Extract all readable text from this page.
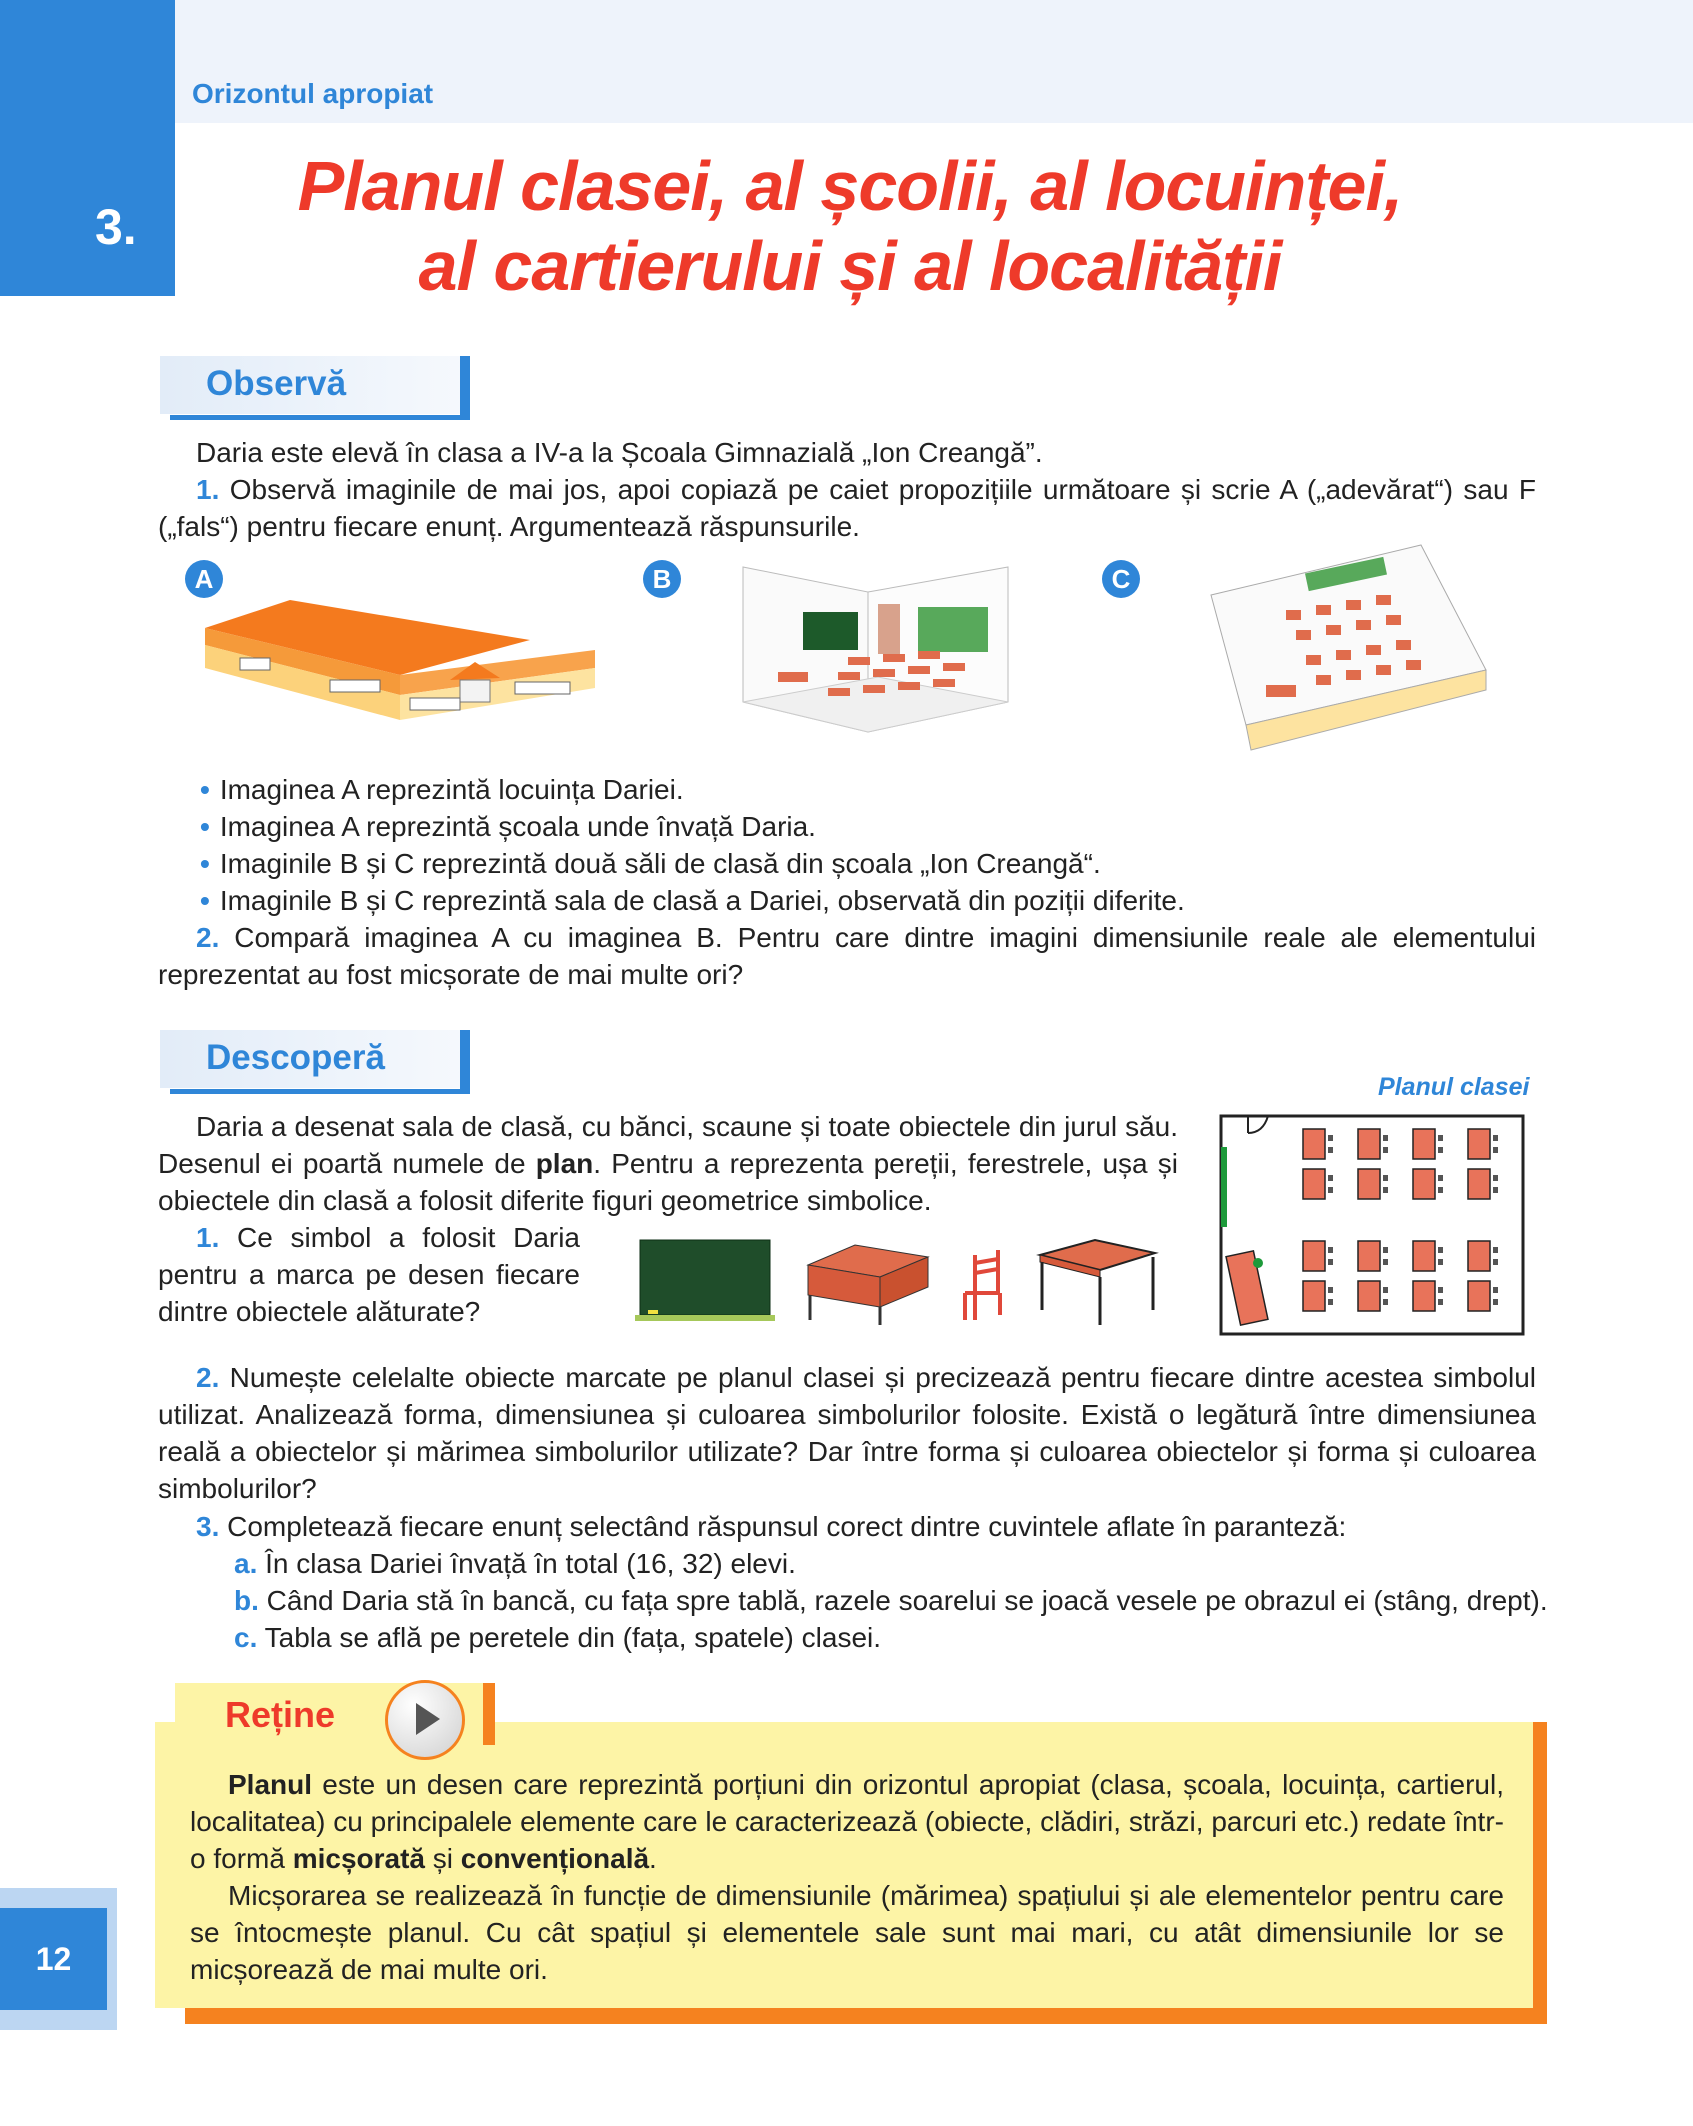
3.
Orizontul apropiat
Planul clasei, al școlii, al locuinței,
al cartierului și al localității
Observă
Daria este elevă în clasa a IV-a la Școala Gimnazială „Ion Creangă”.
1. Observă imaginile de mai jos, apoi copiază pe caiet propozițiile următoare și scrie A („adevărat“) sau F („fals“) pentru fiecare enunț. Argumentează răspunsurile.
A	B	C
• Imaginea A reprezintă locuința Dariei.
• Imaginea A reprezintă școala unde învață Daria.
• Imaginile B și C reprezintă două săli de clasă din școala „Ion Creangă“.
• Imaginile B și C reprezintă sala de clasă a Dariei, observată din poziții diferite.
2. Compară imaginea A cu imaginea B. Pentru care dintre imagini dimensiunile reale ale elementului reprezentat au fost micșorate de mai multe ori?
Descoperă
Planul clasei
Daria a desenat sala de clasă, cu bănci, scaune și toate obiectele din jurul său. Desenul ei poartă numele de plan. Pentru a reprezenta pereții, ferestrele, ușa și obiectele din clasă a folosit diferite figuri geometrice simbolice.
1. Ce simbol a folosit Daria pentru a marca pe desen fiecare dintre obiectele alăturate?
2. Numește celelalte obiecte marcate pe planul clasei și precizează pentru fiecare dintre acestea simbolul utilizat. Analizează forma, dimensiunea și culoarea simbolurilor folosite. Există o legătură între dimensiunea reală a obiectelor și mărimea simbolurilor utilizate? Dar între forma și culoarea obiectelor și forma și culoarea simbolurilor?
3. Completează fiecare enunț selectând răspunsul corect dintre cuvintele aflate în paranteză:
a. În clasa Dariei învață în total (16, 32) elevi.
b. Când Daria stă în bancă, cu fața spre tablă, razele soarelui se joacă vesele pe obrazul ei (stâng, drept).
c. Tabla se află pe peretele din (fața, spatele) clasei.
Reține
Planul este un desen care reprezintă porțiuni din orizontul apropiat (clasa, școala, locuința, cartierul, localitatea) cu principalele elemente care le caracterizează (obiecte, clădiri, străzi, parcuri etc.) redate într-o formă micșorată și convențională.
Micșorarea se realizează în funcție de dimensiunile (mărimea) spațiului și ale elementelor pentru care se întocmește planul. Cu cât spațiul și elementele sale sunt mai mari, cu atât dimensiunile lor se micșorează de mai multe ori.
12
